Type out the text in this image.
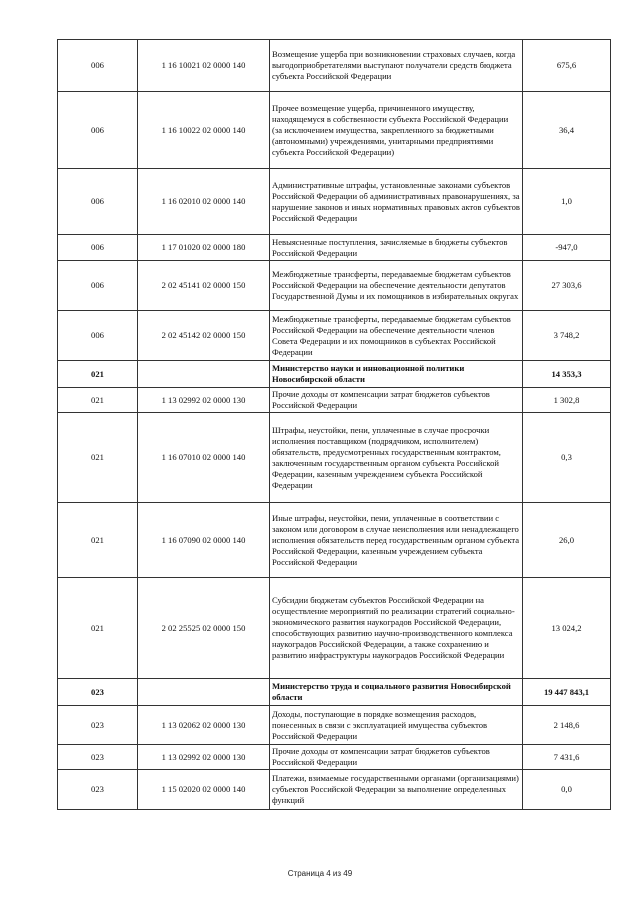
006	1 16 10021 02 0000 140	Возмещение ущерба при возникновении страховых случаев, когда выгодоприобретателями выступают получатели средств бюджета субъекта Российской Федерации	675,6
006	1 16 10022 02 0000 140	Прочее возмещение ущерба, причиненного имуществу, находящемуся в собственности субъекта Российской Федерации (за исключением имущества, закрепленного за бюджетными (автономными) учреждениями, унитарными предприятиями субъекта Российской Федерации)	36,4
006	1 16 02010 02 0000 140	Административные штрафы, установленные законами субъектов Российской Федерации об административных правонарушениях, за нарушение законов и иных нормативных правовых актов субъектов Российской Федерации	1,0
006	1 17 01020 02 0000 180	Невыясненные поступления, зачисляемые в бюджеты субъектов Российской Федерации	-947,0
006	2 02 45141 02 0000 150	Межбюджетные трансферты, передаваемые бюджетам субъектов Российской Федерации на обеспечение деятельности депутатов Государственной Думы и их помощников в избирательных округах	27 303,6
006	2 02 45142 02 0000 150	Межбюджетные трансферты, передаваемые бюджетам субъектов Российской Федерации на обеспечение деятельности членов Совета Федерации и их помощников в субъектах Российской Федерации	3 748,2
021		Министерство науки и инновационной политики Новосибирской области	14 353,3
021	1 13 02992 02 0000 130	Прочие доходы от компенсации затрат бюджетов субъектов Российской Федерации	1 302,8
021	1 16 07010 02 0000 140	Штрафы, неустойки, пени, уплаченные в случае просрочки исполнения поставщиком (подрядчиком, исполнителем) обязательств, предусмотренных государственным контрактом, заключенным государственным органом субъекта Российской Федерации, казенным учреждением субъекта Российской Федерации	0,3
021	1 16 07090 02 0000 140	Иные штрафы, неустойки, пени, уплаченные в соответствии с законом или договором в случае неисполнения или ненадлежащего исполнения обязательств перед государственным органом субъекта Российской Федерации, казенным учреждением субъекта Российской Федерации	26,0
021	2 02 25525 02 0000 150	Субсидии бюджетам субъектов Российской Федерации на осуществление мероприятий по реализации стратегий социально-экономического развития наукоградов Российской Федерации, способствующих развитию научно-производственного комплекса наукоградов Российской Федерации, а также сохранению и развитию инфраструктуры наукоградов Российской Федерации	13 024,2
023		Министерство труда и социального развития Новосибирской области	19 447 843,1
023	1 13 02062 02 0000 130	Доходы, поступающие в порядке возмещения расходов, понесенных в связи с эксплуатацией имущества субъектов Российской Федерации	2 148,6
023	1 13 02992 02 0000 130	Прочие доходы от компенсации затрат бюджетов субъектов Российской Федерации	7 431,6
023	1 15 02020 02 0000 140	Платежи, взимаемые государственными органами (организациями) субъектов Российской Федерации за выполнение определенных функций	0,0
Страница 4 из 49
